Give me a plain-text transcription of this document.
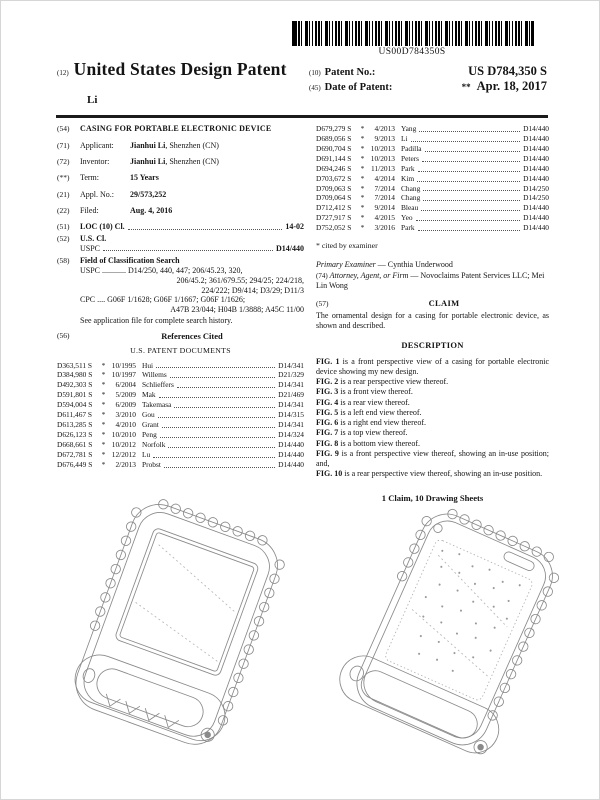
US00D784350S
(12) United States Design Patent	(10) Patent No.:	US D784,350 S
(45) Date of Patent:	** Apr. 18, 2017
Li
(54)	CASING FOR PORTABLE ELECTRONIC DEVICE
(71)	Applicant: Jianhui Li, Shenzhen (CN)
(72)	Inventor:	Jianhui Li, Shenzhen (CN)
(**)	Term:	15 Years
(21)	Appl. No.: 29/573,252
(22)	Filed:	Aug. 4, 2016
(51)	LOC (10) Cl.	14-02
(52)	U.S. Cl.
USPC	D14/440
(58)	Field of Classification Search
USPC ............ D14/250, 440, 447; 206/45.23, 320,
206/45.2; 361/679.55; 294/25; 224/218,
224/222; D9/414; D3/29; D11/3
CPC .... G06F 1/1628; G06F 1/1667; G06F 1/1626;
A47B 23/044; H04B 1/3888; A45C 11/00
See application file for complete search history.
(56)	References Cited
U.S. PATENT DOCUMENTS
D363,511 S	* 10/1995 Hui	D14/341
D384,980 S	* 10/1997 Willems	D21/329
D492,303 S	*	6/2004 Schlieffers	D14/341
D591,801 S	*	5/2009 Mak	D21/469
D594,004 S	*	6/2009 Takemasa	D14/341
D611,467 S	*	3/2010 Gou	D14/315
D613,285 S	*	4/2010 Grant	D14/341
D626,123 S	* 10/2010 Peng	D14/324
D668,661 S	* 10/2012 Norfolk	D14/440
D672,781 S	* 12/2012 Lu	D14/440
D676,449 S	*	2/2013 Probst	D14/440
D679,279 S	*	4/2013 Yang	D14/440
D689,056 S	*	9/2013 Li	D14/440
D690,704 S	* 10/2013 Padilla	D14/440
D691,144 S	* 10/2013 Peters	D14/440
D694,246 S	* 11/2013 Park	D14/440
D703,672 S	*	4/2014 Kim	D14/440
D709,063 S	*	7/2014 Chang	D14/250
D709,064 S	*	7/2014 Chang	D14/250
D712,412 S	*	9/2014 Bleau	D14/440
D727,917 S	*	4/2015 Yeo	D14/440
D752,052 S	*	3/2016 Park	D14/440
* cited by examiner
Primary Examiner — Cynthia Underwood
(74) Attorney, Agent, or Firm — Novoclaims Patent Services LLC; Mei Lin Wong
(57)	CLAIM
The ornamental design for a casing for portable electronic device, as shown and described.
DESCRIPTION
FIG. 1 is a front perspective view of a casing for portable electronic device showing my new design.
FIG. 2 is a rear perspective view thereof.
FIG. 3 is a front view thereof.
FIG. 4 is a rear view thereof.
FIG. 5 is a left end view thereof.
FIG. 6 is a right end view thereof.
FIG. 7 is a top view thereof.
FIG. 8 is a bottom view thereof.
FIG. 9 is a front perspective view thereof, showing an in-use position; and,
FIG. 10 is a rear perspective view thereof, showing an in-use position.
1 Claim, 10 Drawing Sheets
